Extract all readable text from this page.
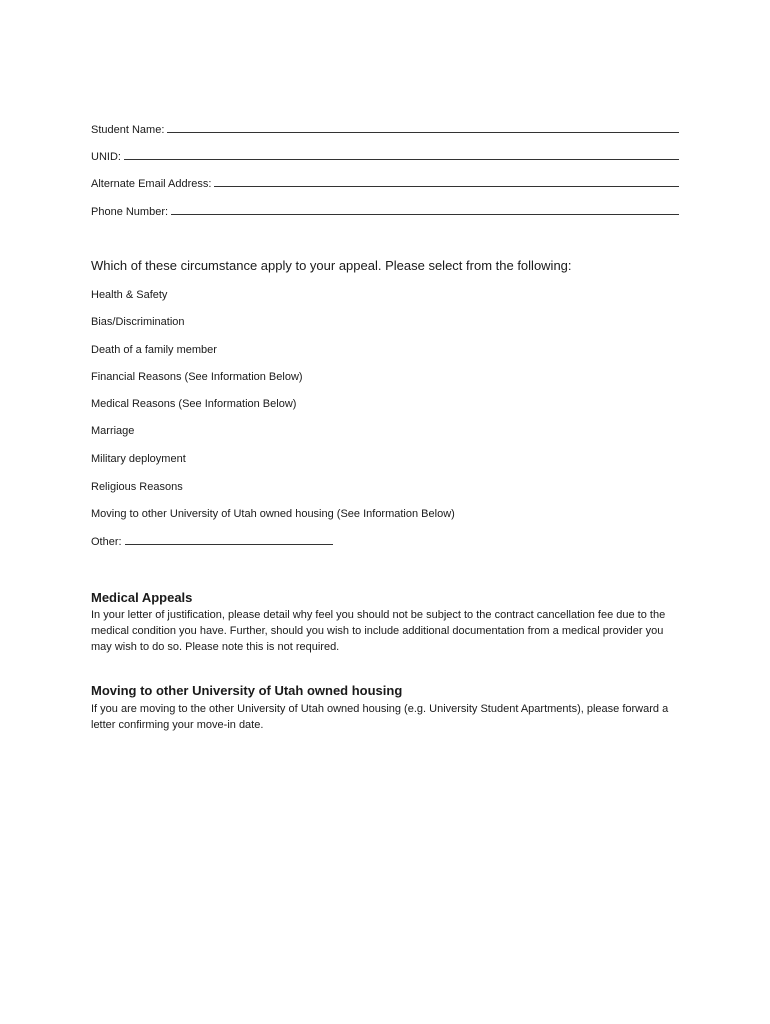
Student Name:
UNID:
Alternate Email Address:
Phone Number:
Which of these circumstance apply to your appeal. Please select from the following:
Health & Safety
Bias/Discrimination
Death of a family member
Financial Reasons (See Information Below)
Medical Reasons (See Information Below)
Marriage
Military deployment
Religious Reasons
Moving to other University of Utah owned housing (See Information Below)
Other:
Medical Appeals
In your letter of justification, please detail why feel you should not be subject to the contract cancellation fee due to the medical condition you have. Further, should you wish to include additional documentation from a medical provider you may wish to do so. Please note this is not required.
Moving to other University of Utah owned housing
If you are moving to the other University of Utah owned housing (e.g. University Student Apartments), please forward a letter confirming your move-in date.
